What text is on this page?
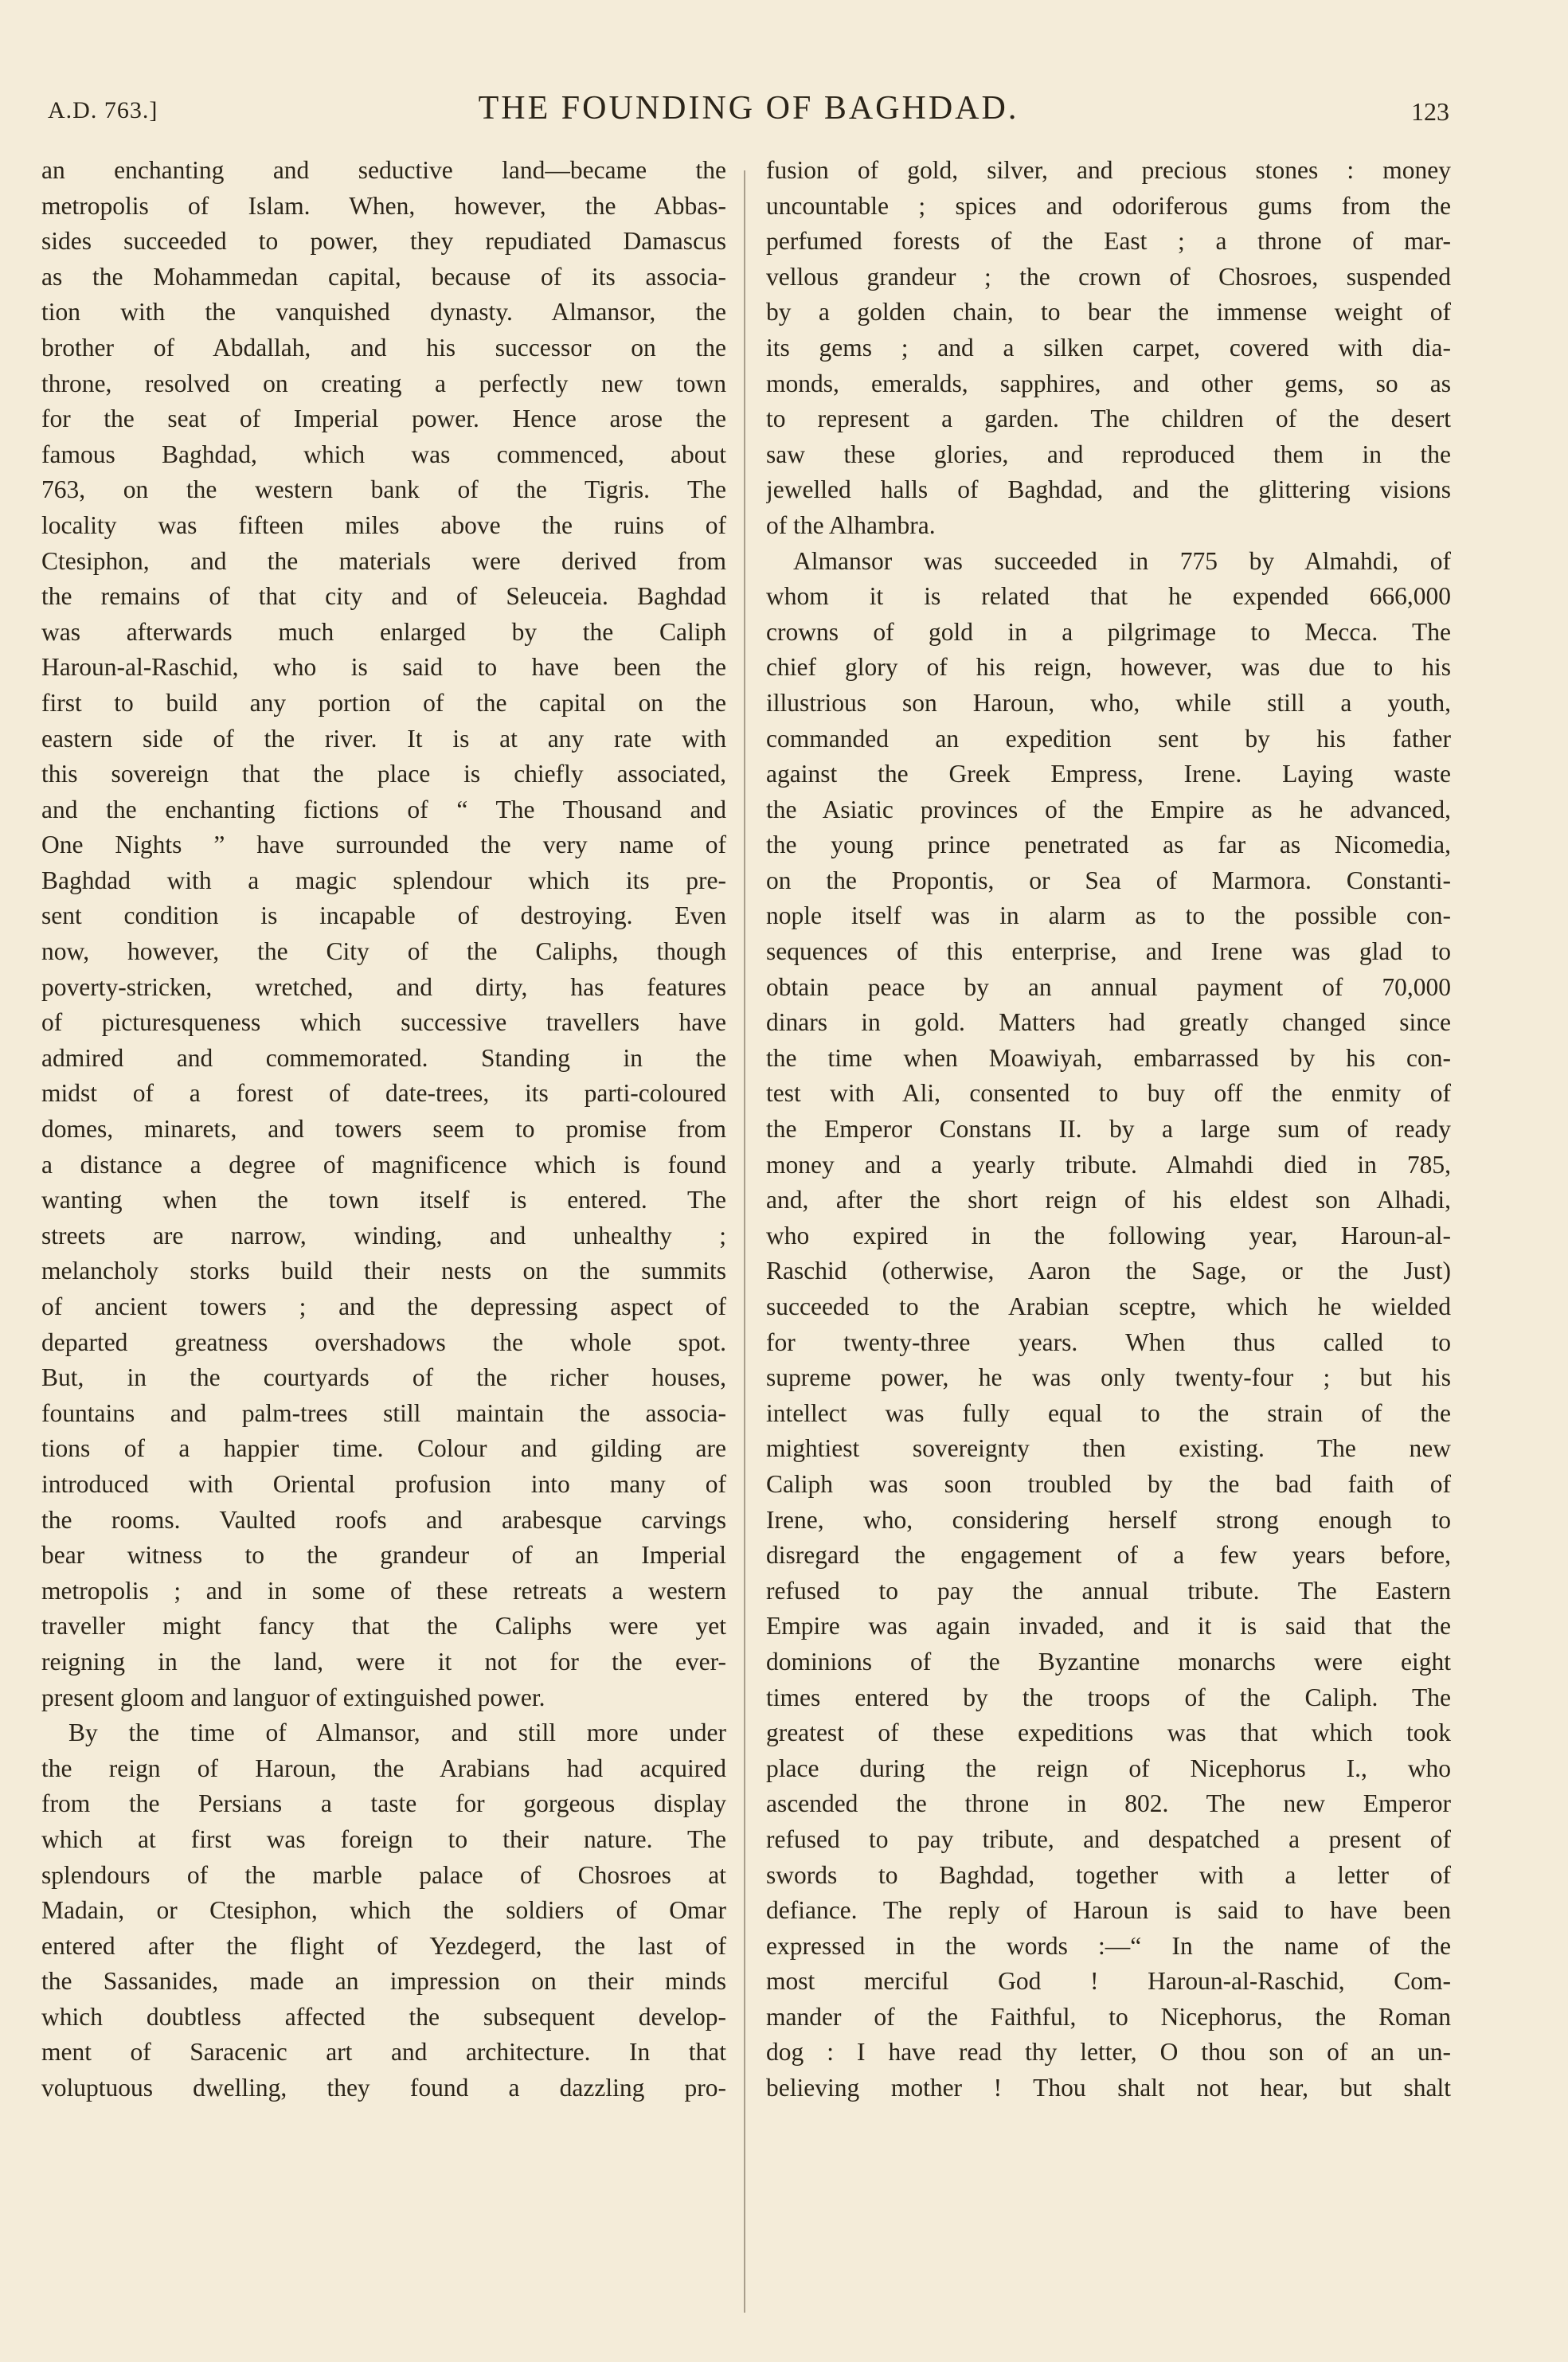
A.D. 763.]	THE FOUNDING OF BAGHDAD.	123
an enchanting and seductive land—became the
metropolis of Islam. When, however, the Abbas-
sides succeeded to power, they repudiated Damascus
as the Mohammedan capital, because of its associa-
tion with the vanquished dynasty. Almansor, the
brother of Abdallah, and his successor on the
throne, resolved on creating a perfectly new town
for the seat of Imperial power. Hence arose the
famous Baghdad, which was commenced, about
763, on the western bank of the Tigris. The
locality was fifteen miles above the ruins of
Ctesiphon, and the materials were derived from
the remains of that city and of Seleuceia. Baghdad
was afterwards much enlarged by the Caliph
Haroun-al-Raschid, who is said to have been the
first to build any portion of the capital on the
eastern side of the river. It is at any rate with
this sovereign that the place is chiefly associated,
and the enchanting fictions of “ The Thousand and
One Nights ” have surrounded the very name of
Baghdad with a magic splendour which its pre-
sent condition is incapable of destroying. Even
now, however, the City of the Caliphs, though
poverty-stricken, wretched, and dirty, has features
of picturesqueness which successive travellers have
admired and commemorated. Standing in the
midst of a forest of date-trees, its parti-coloured
domes, minarets, and towers seem to promise from
a distance a degree of magnificence which is found
wanting when the town itself is entered. The
streets are narrow, winding, and unhealthy ;
melancholy storks build their nests on the summits
of ancient towers ; and the depressing aspect of
departed greatness overshadows the whole spot.
But, in the courtyards of the richer houses,
fountains and palm-trees still maintain the associa-
tions of a happier time. Colour and gilding are
introduced with Oriental profusion into many of
the rooms. Vaulted roofs and arabesque carvings
bear witness to the grandeur of an Imperial
metropolis ; and in some of these retreats a western
traveller might fancy that the Caliphs were yet
reigning in the land, were it not for the ever-
present gloom and languor of extinguished power.
By the time of Almansor, and still more under
the reign of Haroun, the Arabians had acquired
from the Persians a taste for gorgeous display
which at first was foreign to their nature. The
splendours of the marble palace of Chosroes at
Madain, or Ctesiphon, which the soldiers of Omar
entered after the flight of Yezdegerd, the last of
the Sassanides, made an impression on their minds
which doubtless affected the subsequent develop-
ment of Saracenic art and architecture. In that
voluptuous dwelling, they found a dazzling pro-
fusion of gold, silver, and precious stones : money
uncountable ; spices and odoriferous gums from the
perfumed forests of the East ; a throne of mar-
vellous grandeur ; the crown of Chosroes, suspended
by a golden chain, to bear the immense weight of
its gems ; and a silken carpet, covered with dia-
monds, emeralds, sapphires, and other gems, so as
to represent a garden. The children of the desert
saw these glories, and reproduced them in the
jewelled halls of Baghdad, and the glittering visions
of the Alhambra.
Almansor was succeeded in 775 by Almahdi, of
whom it is related that he expended 666,000
crowns of gold in a pilgrimage to Mecca. The
chief glory of his reign, however, was due to his
illustrious son Haroun, who, while still a youth,
commanded an expedition sent by his father
against the Greek Empress, Irene. Laying waste
the Asiatic provinces of the Empire as he advanced,
the young prince penetrated as far as Nicomedia,
on the Propontis, or Sea of Marmora. Constanti-
nople itself was in alarm as to the possible con-
sequences of this enterprise, and Irene was glad to
obtain peace by an annual payment of 70,000
dinars in gold. Matters had greatly changed since
the time when Moawiyah, embarrassed by his con-
test with Ali, consented to buy off the enmity of
the Emperor Constans II. by a large sum of ready
money and a yearly tribute. Almahdi died in 785,
and, after the short reign of his eldest son Alhadi,
who expired in the following year, Haroun-al-
Raschid (otherwise, Aaron the Sage, or the Just)
succeeded to the Arabian sceptre, which he wielded
for twenty-three years. When thus called to
supreme power, he was only twenty-four ; but his
intellect was fully equal to the strain of the
mightiest sovereignty then existing. The new
Caliph was soon troubled by the bad faith of
Irene, who, considering herself strong enough to
disregard the engagement of a few years before,
refused to pay the annual tribute. The Eastern
Empire was again invaded, and it is said that the
dominions of the Byzantine monarchs were eight
times entered by the troops of the Caliph. The
greatest of these expeditions was that which took
place during the reign of Nicephorus I., who
ascended the throne in 802. The new Emperor
refused to pay tribute, and despatched a present of
swords to Baghdad, together with a letter of
defiance. The reply of Haroun is said to have been
expressed in the words :—“ In the name of the
most merciful God ! Haroun-al-Raschid, Com-
mander of the Faithful, to Nicephorus, the Roman
dog : I have read thy letter, O thou son of an un-
believing mother ! Thou shalt not hear, but shalt
